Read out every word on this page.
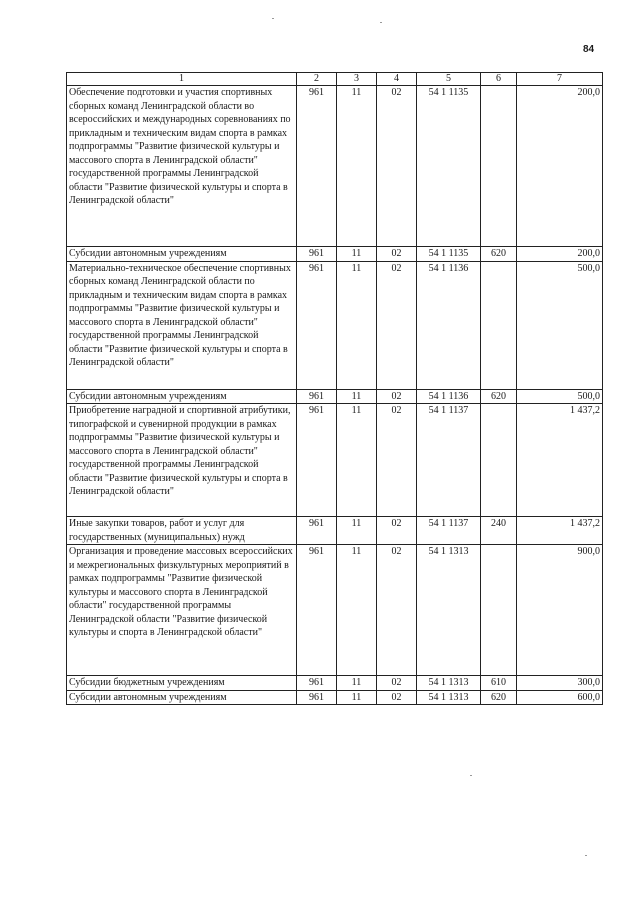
84
1	2	3	4	5	6	7
Обеспечение подготовки и участия спортивных сборных команд Ленинградской области во всероссийских и международных соревнованиях по прикладным и техническим видам спорта в рамках подпрограммы "Развитие физической культуры и массового спорта в Ленинградской области" государственной программы Ленинградской области "Развитие физической культуры и спорта в Ленинградской области"	961	11	02	54 1 1135		200,0
Субсидии автономным учреждениям	961	11	02	54 1 1135	620	200,0
Материально-техническое обеспечение спортивных сборных команд Ленинградской области по прикладным и техническим видам спорта в рамках подпрограммы "Развитие физической культуры и массового спорта в Ленинградской области" государственной программы Ленинградской области "Развитие физической культуры и спорта в Ленинградской области"	961	11	02	54 1 1136		500,0
Субсидии автономным учреждениям	961	11	02	54 1 1136	620	500,0
Приобретение наградной и спортивной атрибутики, типографской и сувенирной продукции в рамках подпрограммы "Развитие физической культуры и массового спорта в Ленинградской области" государственной программы Ленинградской области "Развитие физической культуры и спорта в Ленинградской области"	961	11	02	54 1 1137		1 437,2
Иные закупки товаров, работ и услуг для государственных (муниципальных) нужд	961	11	02	54 1 1137	240	1 437,2
Организация и проведение массовых всероссийских и межрегиональных физкультурных мероприятий в рамках подпрограммы "Развитие физической культуры и массового спорта в Ленинградской области" государственной программы Ленинградской области "Развитие физической культуры и спорта в Ленинградской области"	961	11	02	54 1 1313		900,0
Субсидии бюджетным учреждениям	961	11	02	54 1 1313	610	300,0
Субсидии автономным учреждениям	961	11	02	54 1 1313	620	600,0
